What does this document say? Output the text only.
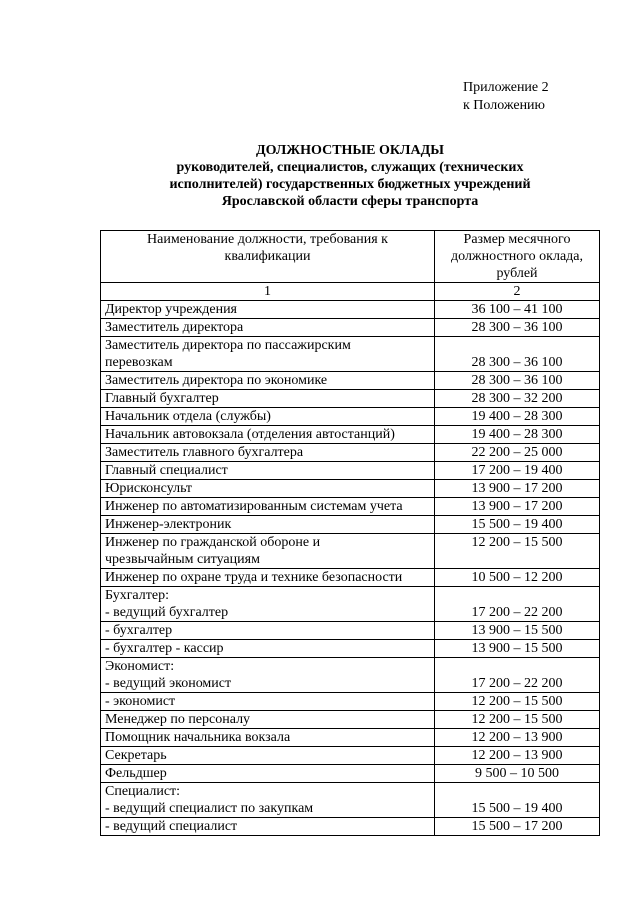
Приложение 2
к Положению
ДОЛЖНОСТНЫЕ ОКЛАДЫ
руководителей, специалистов, служащих (технических
исполнителей) государственных бюджетных учреждений
Ярославской области сферы транспорта
Наименование должности, требования к квалификации	Размер месячного должностного оклада, рублей
1	2

Директор учреждения	36 100 – 41 100

Заместитель директора	28 300 – 36 100

Заместитель директора по пассажирским
перевозкам	28 300 – 36 100

Заместитель директора по экономике	28 300 – 36 100

Главный бухгалтер	28 300 – 32 200

Начальник отдела (службы)	19 400 – 28 300

Начальник автовокзала (отделения автостанций)	19 400 – 28 300

Заместитель главного бухгалтера	22 200 – 25 000

Главный специалист	17 200 – 19 400

Юрисконсульт	13 900 – 17 200

Инженер по автоматизированным системам учета	13 900 – 17 200

Инженер-электроник	15 500 – 19 400

Инженер по гражданской обороне и
чрезвычайным ситуациям	12 200 – 15 500

Инженер по охране труда и технике безопасности	10 500 – 12 200

Бухгалтер:
- ведущий бухгалтер	17 200 – 22 200

- бухгалтер	13 900 – 15 500

- бухгалтер - кассир	13 900 – 15 500

Экономист:
- ведущий экономист	17 200 – 22 200

- экономист	12 200 – 15 500

Менеджер по персоналу	12 200 – 15 500

Помощник начальника вокзала	12 200 – 13 900

Секретарь	12 200 – 13 900

Фельдшер	9 500 – 10 500

Специалист:
- ведущий специалист по закупкам	15 500 – 19 400

- ведущий специалист	15 500 – 17 200
